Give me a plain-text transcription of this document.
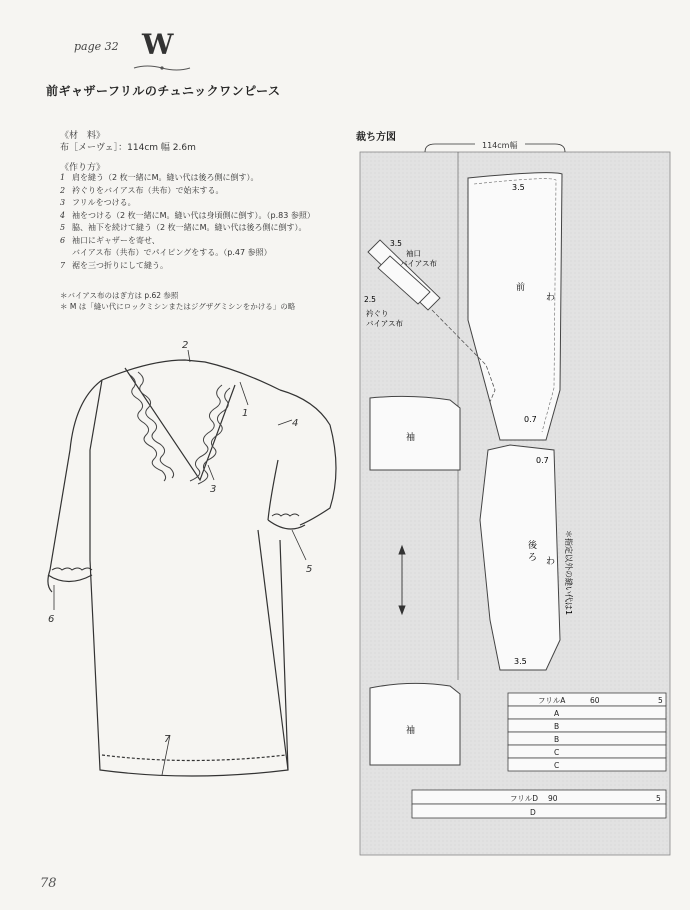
page 32 W
前ギャザーフリルのチュニックワンピース
《材　料》
布［メーヴェ］：114cm 幅 2.6m
《作り方》
1 肩を縫う（2 枚一緒にM。縫い代は後ろ側に倒す）。
2 衿ぐりをバイアス布（共布）で始末する。
3 フリルをつける。
4 袖をつける（2 枚一緒にM。縫い代は身頃側に倒す）。（p.83 参照）
5 脇、袖下を続けて縫う（2 枚一緒にM。縫い代は後ろ側に倒す）。
6 袖口にギャザーを寄せ、
バイアス布（共布）でパイピングをする。（p.47 参照）
7 裾を三つ折りにして縫う。
＊バイアス布のはぎ方は p.62 参照
＊ M は「縫い代にロックミシンまたはジグザグミシンをかける」の略
2
1
4
3
5
6
7
裁ち方図
114cm幅
3.5
前
わ
0.7
3.5
袖口
バイアス布
2.5
衿ぐり
バイアス布
袖
0.7
後
ろ わ
3.5
＊指定以外の縫い代は1
袖
フリルA
A
B
B
C
C
60	5
フリルD
D
90	5
78
